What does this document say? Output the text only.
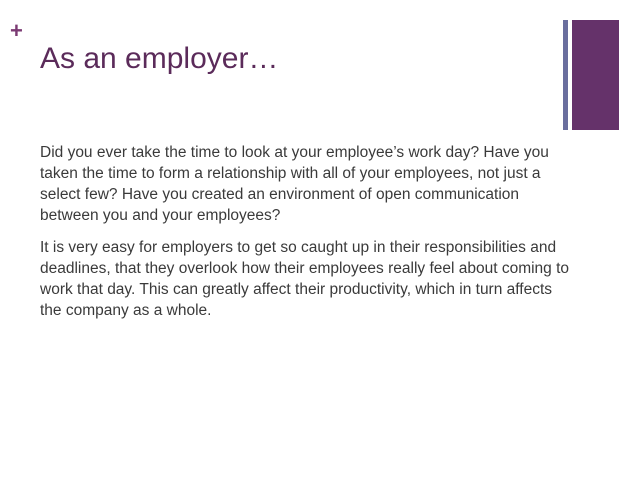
+
As an employer…

Did you ever take the time to look at your employee’s work day? Have you taken the time to form a relationship with all of your employees, not just a select few? Have you created an environment of open communication between you and your employees?

It is very easy for employers to get so caught up in their responsibilities and deadlines, that they overlook how their employees really feel about coming to work that day. This can greatly affect their productivity, which in turn affects the company as a whole.
